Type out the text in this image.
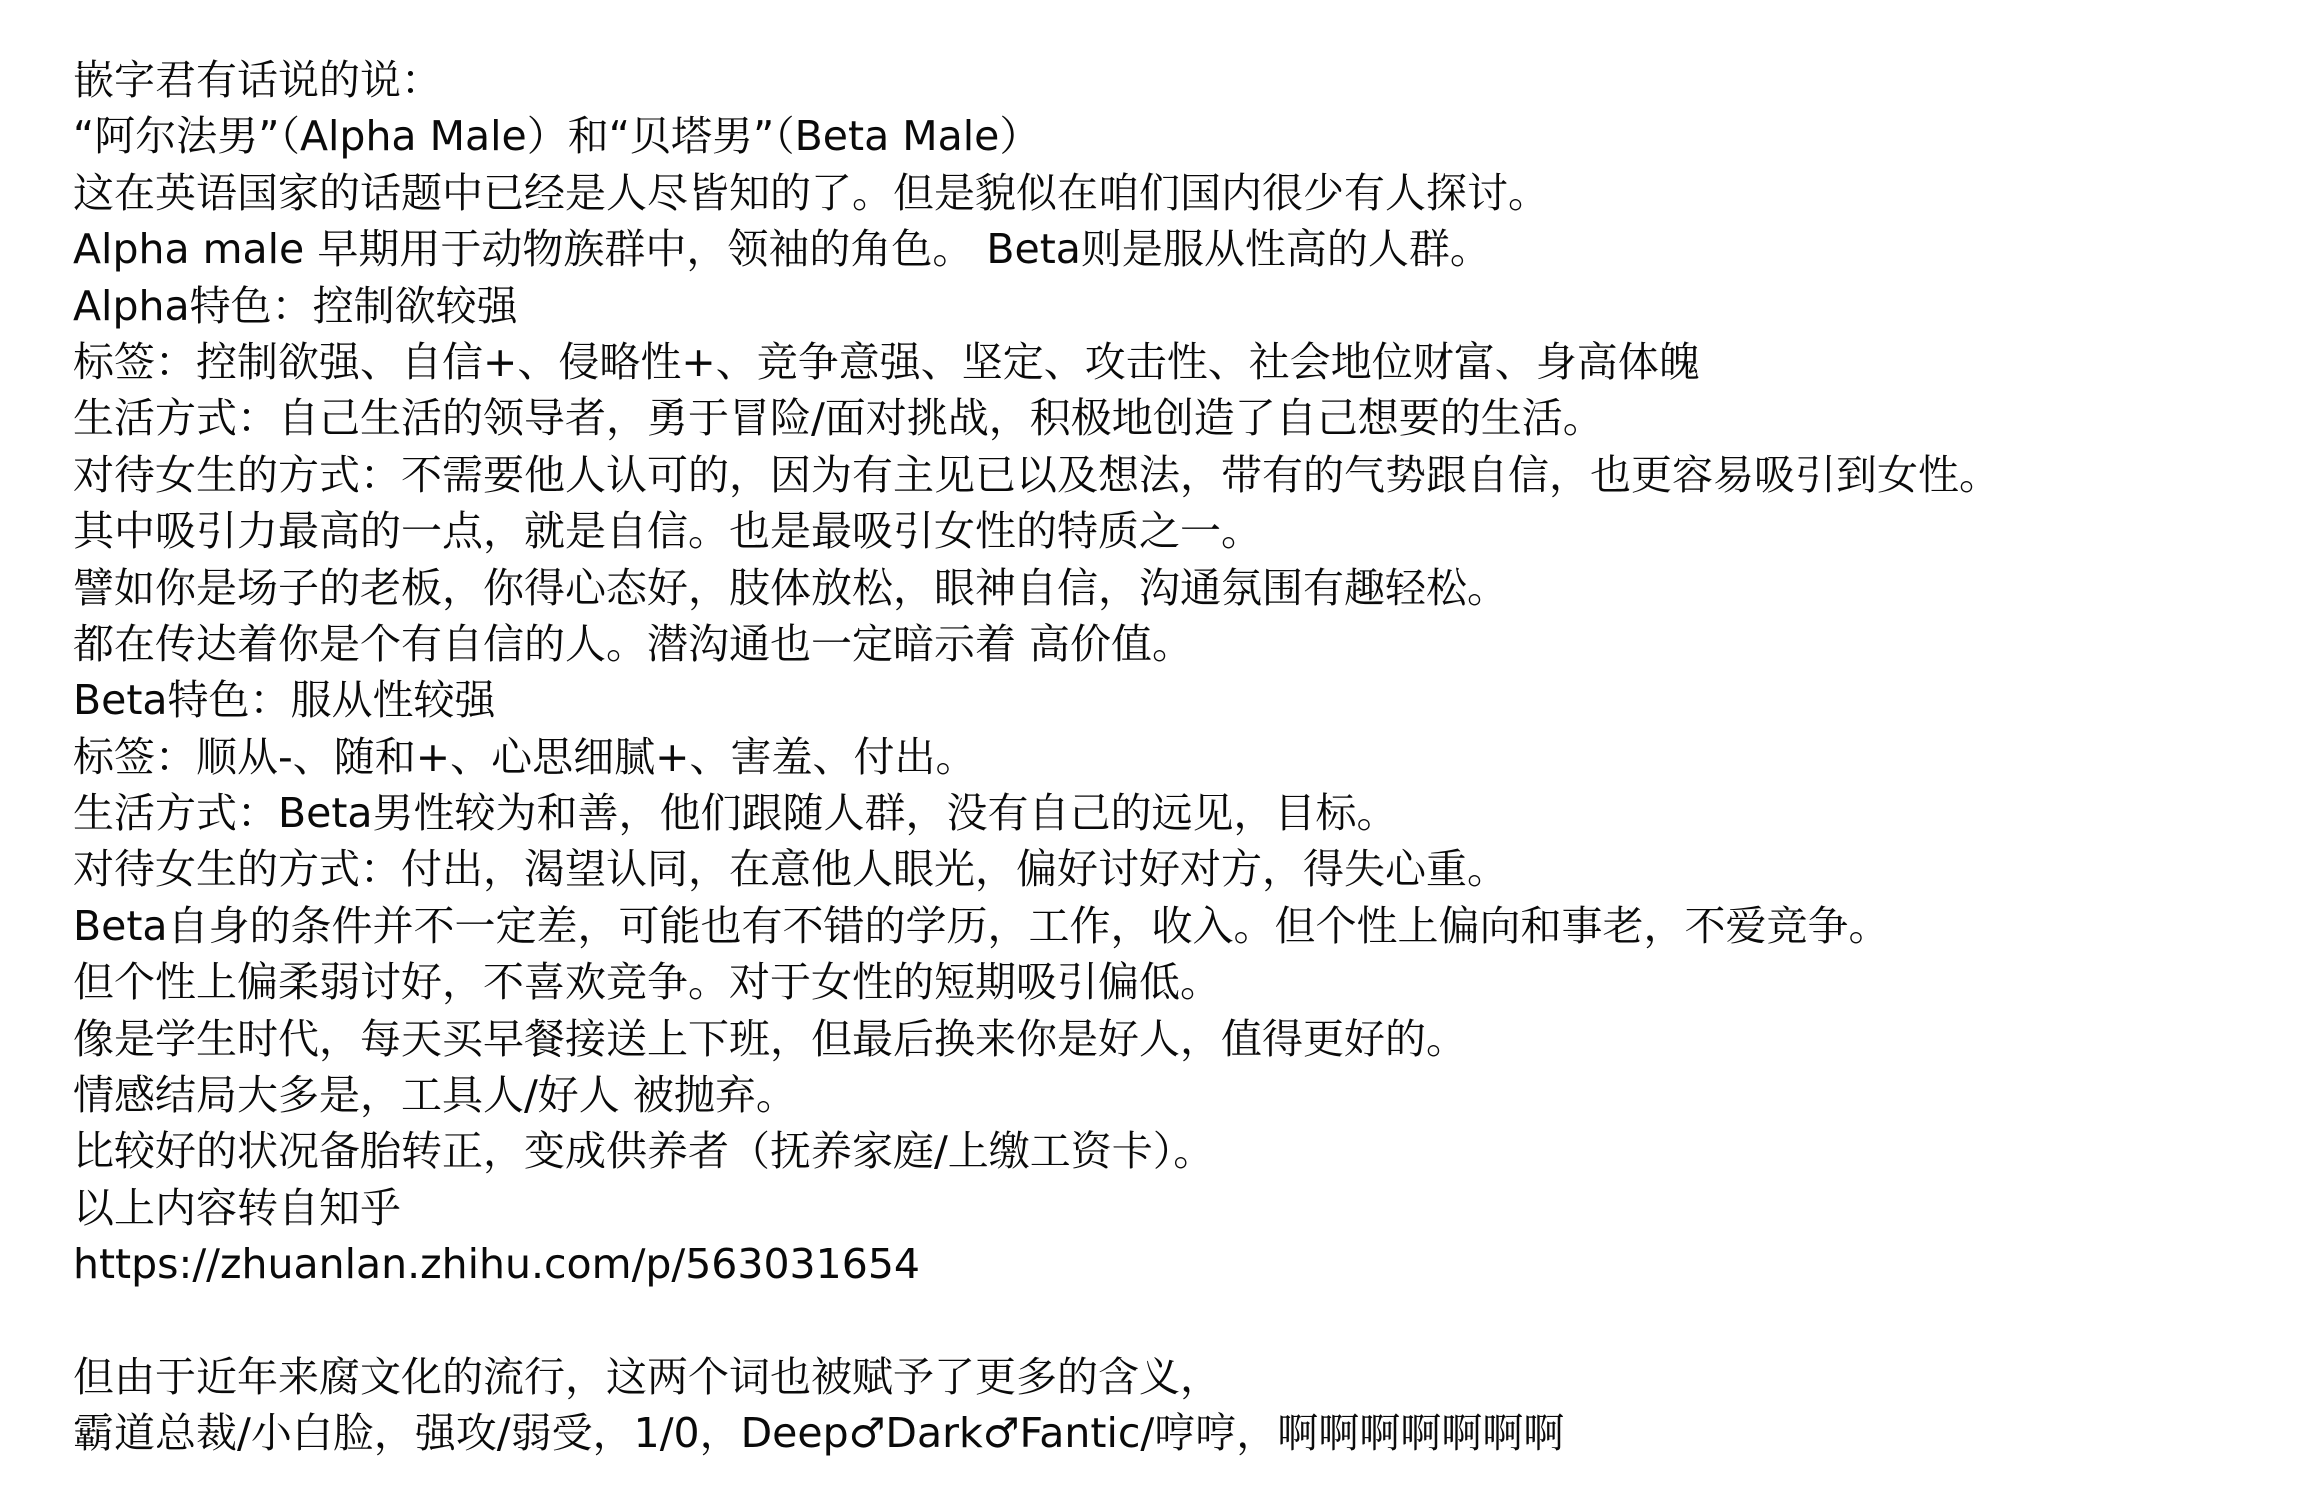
嵌字君有话说的说：
“阿尔法男”（Alpha Male）和“贝塔男”（Beta Male）
这在英语国家的话题中已经是人尽皆知的了。但是貌似在咱们国内很少有人探讨。
Alpha male 早期用于动物族群中，领袖的角色。 Beta则是服从性高的人群。
Alpha特色：控制欲较强
标签：控制欲强、自信+、侵略性+、竞争意强、坚定、攻击性、社会地位财富、身高体魄
生活方式：自己生活的领导者，勇于冒险/面对挑战，积极地创造了自己想要的生活。
对待女生的方式：不需要他人认可的，因为有主见已以及想法，带有的气势跟自信，也更容易吸引到女性。
其中吸引力最高的一点，就是自信。也是最吸引女性的特质之一。
譬如你是场子的老板，你得心态好，肢体放松，眼神自信，沟通氛围有趣轻松。
都在传达着你是个有自信的人。潜沟通也一定暗示着 高价值。
Beta特色：服从性较强
标签：顺从-、随和+、心思细腻+、害羞、付出。
生活方式：Beta男性较为和善，他们跟随人群，没有自己的远见，目标。
对待女生的方式：付出，渴望认同，在意他人眼光，偏好讨好对方，得失心重。
Beta自身的条件并不一定差，可能也有不错的学历，工作，收入。但个性上偏向和事老，不爱竞争。
但个性上偏柔弱讨好，不喜欢竞争。对于女性的短期吸引偏低。
像是学生时代，每天买早餐接送上下班，但最后换来你是好人，值得更好的。
情感结局大多是，工具人/好人 被抛弃。
比较好的状况备胎转正，变成供养者（抚养家庭/上缴工资卡）。
以上内容转自知乎
https://zhuanlan.zhihu.com/p/563031654
但由于近年来腐文化的流行，这两个词也被赋予了更多的含义，
霸道总裁/小白脸，强攻/弱受，1/0，Deep♂Dark♂Fantic/哼哼，啊啊啊啊啊啊啊
